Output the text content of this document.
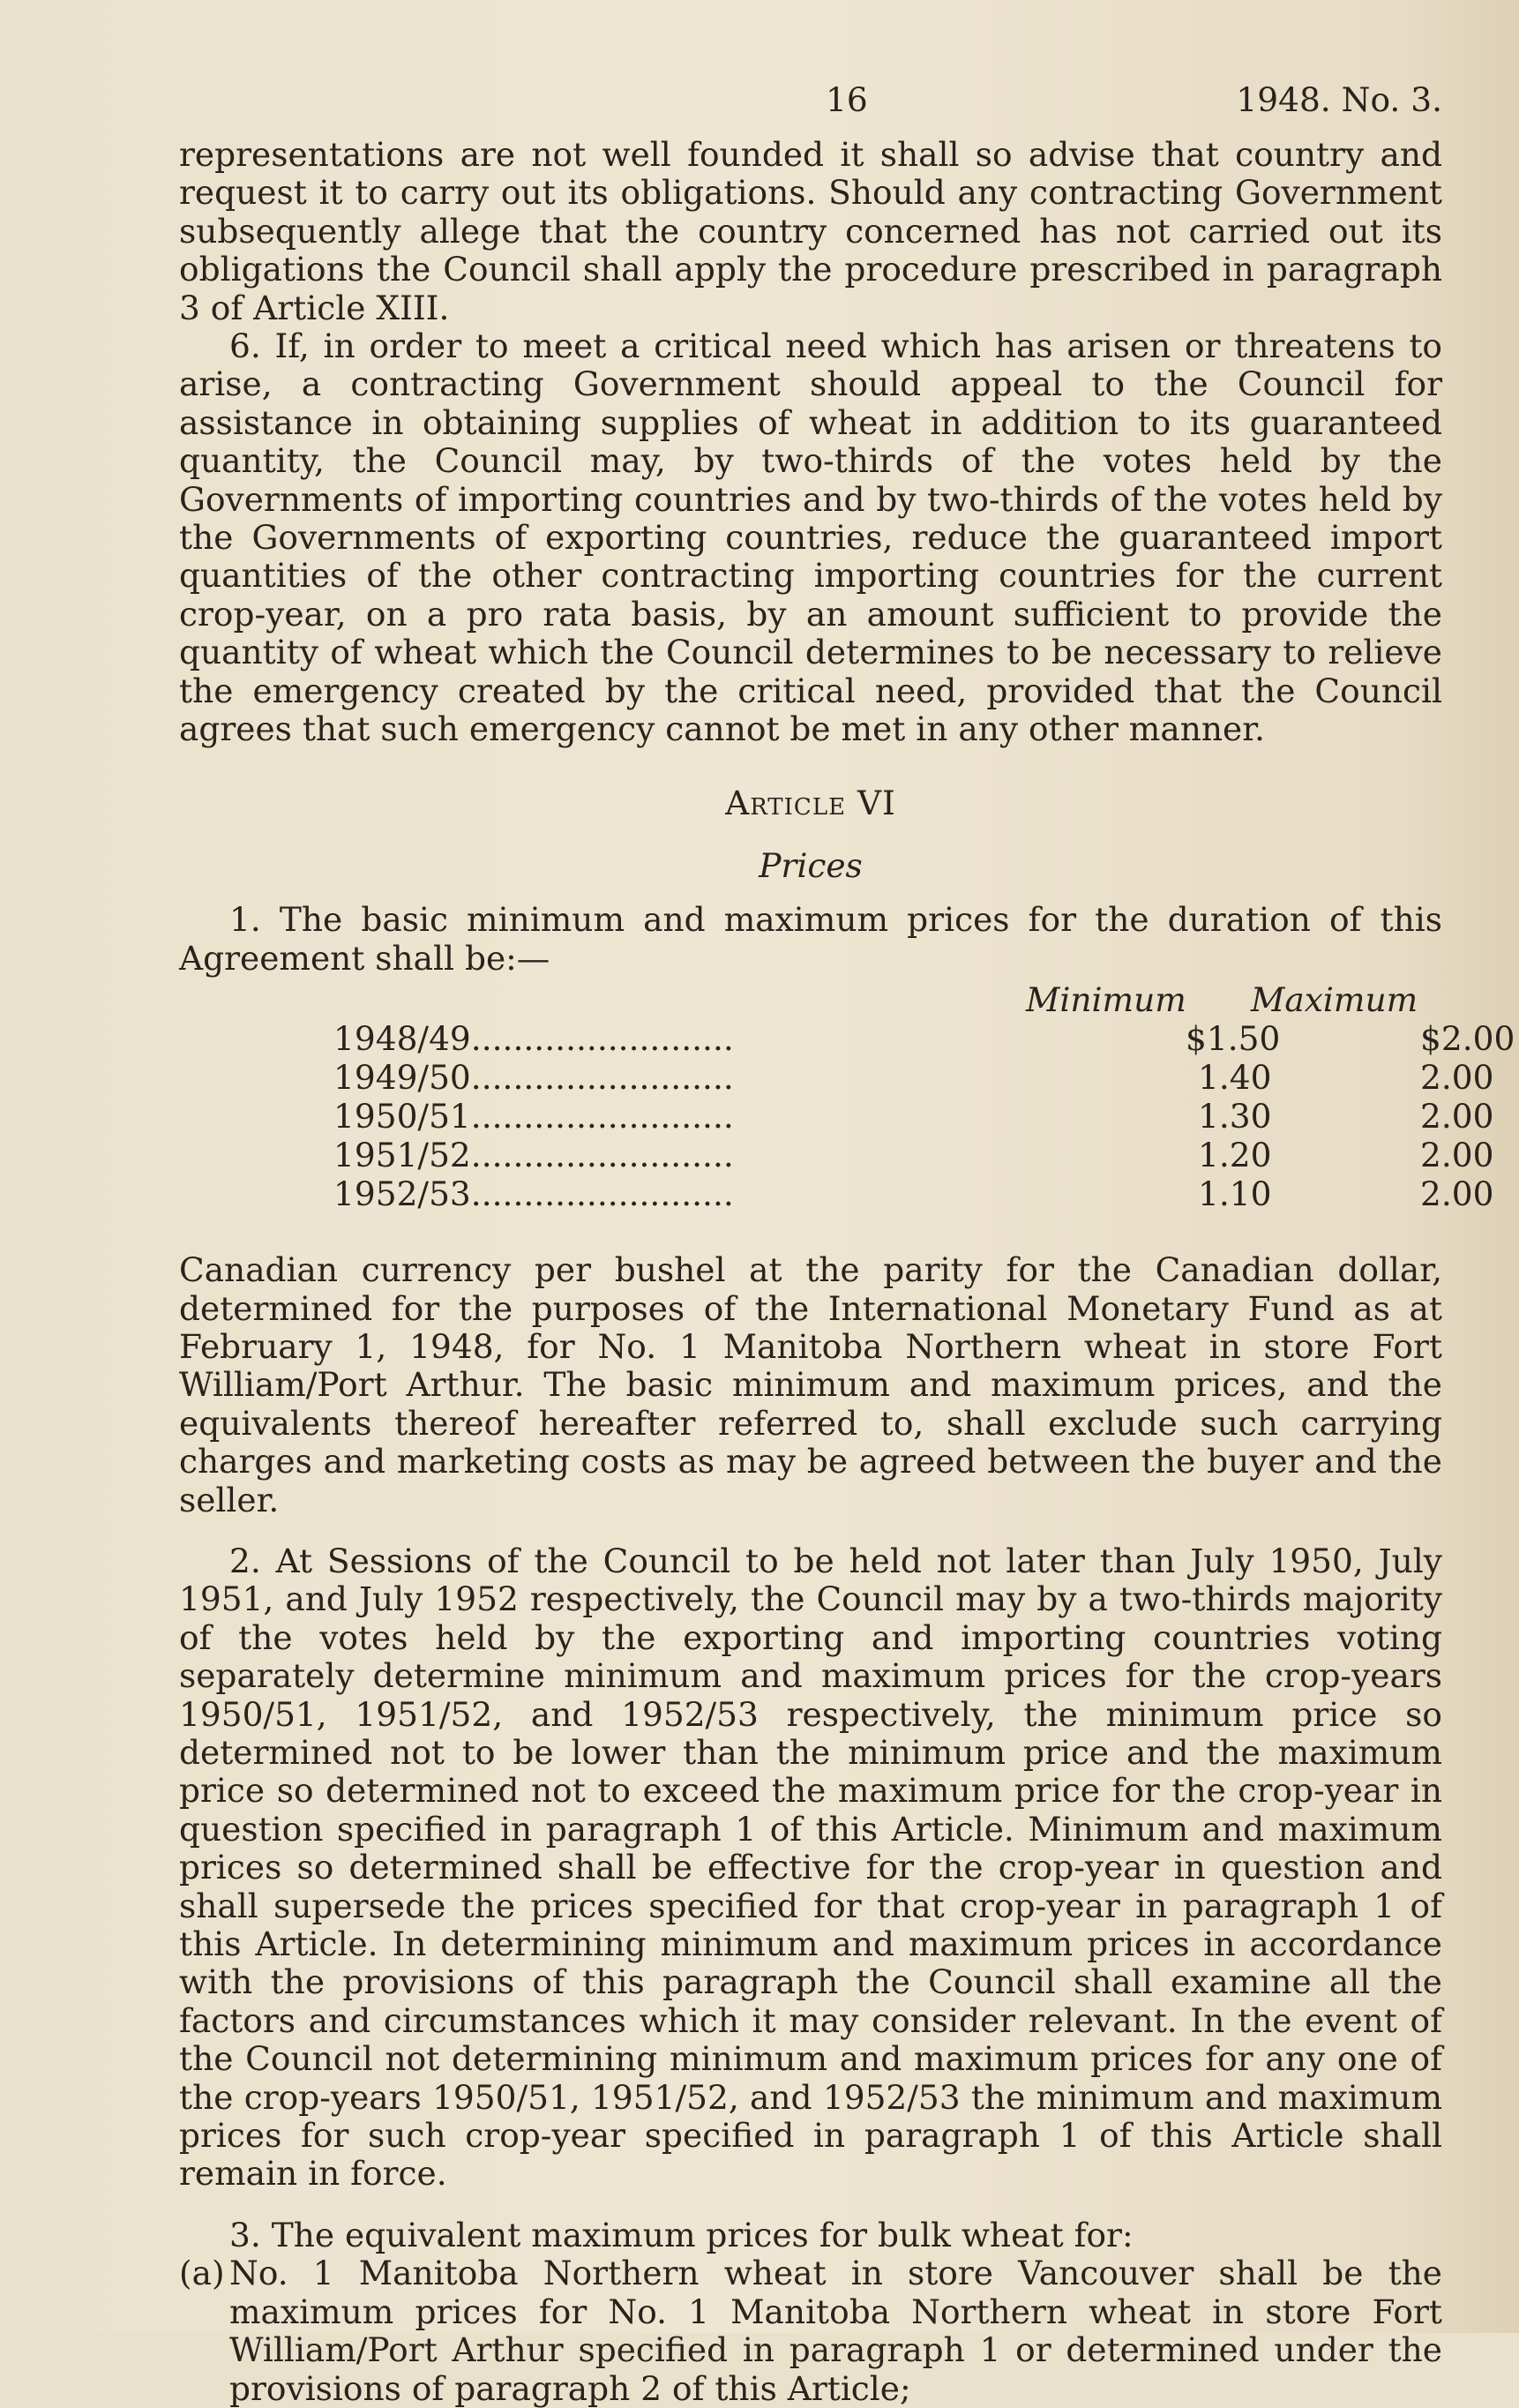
16	1948. No. 3.

representations are not well founded it shall so advise that country and request it to carry out its obligations. Should any contracting Government subsequently allege that the country concerned has not carried out its obligations the Council shall apply the procedure prescribed in paragraph 3 of Article XIII.

6. If, in order to meet a critical need which has arisen or threatens to arise, a contracting Government should appeal to the Council for assistance in obtaining supplies of wheat in addition to its guaranteed quantity, the Council may, by two-thirds of the votes held by the Governments of importing countries and by two-thirds of the votes held by the Governments of exporting countries, reduce the guaranteed import quantities of the other contracting importing countries for the current crop-year, on a pro rata basis, by an amount sufficient to provide the quantity of wheat which the Council determines to be necessary to relieve the emergency created by the critical need, provided that the Council agrees that such emergency cannot be met in any other manner.

Article VI
Prices

1. The basic minimum and maximum prices for the duration of this Agreement shall be:—

Minimum Maximum
1948/49.........................	$1.50	$2.00
1949/50.........................	1.40	2.00
1950/51.........................	1.30	2.00
1951/52.........................	1.20	2.00
1952/53.........................	1.10	2.00

Canadian currency per bushel at the parity for the Canadian dollar, determined for the purposes of the International Monetary Fund as at February 1, 1948, for No. 1 Manitoba Northern wheat in store Fort William/Port Arthur. The basic minimum and maximum prices, and the equivalents thereof hereafter referred to, shall exclude such carrying charges and marketing costs as may be agreed between the buyer and the seller.

2. At Sessions of the Council to be held not later than July 1950, July 1951, and July 1952 respectively, the Council may by a two-thirds majority of the votes held by the exporting and importing countries voting separately determine minimum and maximum prices for the crop-years 1950/51, 1951/52, and 1952/53 respectively, the minimum price so determined not to be lower than the minimum price and the maximum price so determined not to exceed the maximum price for the crop-year in question specified in paragraph 1 of this Article. Minimum and maximum prices so determined shall be effective for the crop-year in question and shall supersede the prices specified for that crop-year in paragraph 1 of this Article. In determining minimum and maximum prices in accordance with the provisions of this paragraph the Council shall examine all the factors and circumstances which it may consider relevant. In the event of the Council not determining minimum and maximum prices for any one of the crop-years 1950/51, 1951/52, and 1952/53 the minimum and maximum prices for such crop-year specified in paragraph 1 of this Article shall remain in force.

3. The equivalent maximum prices for bulk wheat for:

(a) No. 1 Manitoba Northern wheat in store Vancouver shall be the maximum prices for No. 1 Manitoba Northern wheat in store Fort William/Port Arthur specified in paragraph 1 or determined under the provisions of paragraph 2 of this Article;
